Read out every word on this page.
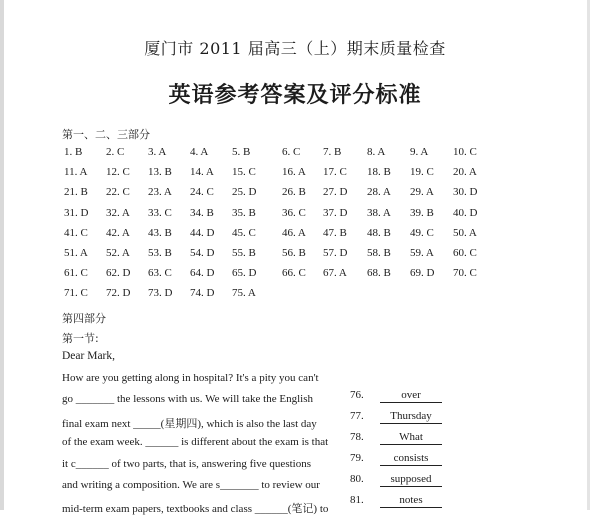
厦门市 2011 届高三（上）期末质量检查
英语参考答案及评分标准
第一、二、三部分
1. B 2. C 3. A 4. A 5. B	6. C 7. B 8. A 9. A 10. C
11. A 12. C 13. B 14. A 15. C 16. A 17. C 18. B 19. C 20. A
21. B 22. C 23. A 24. C 25. D 26. B 27. D 28. A 29. A 30. D
31. D 32. A 33. C 34. B 35. B 36. C 37. D 38. A 39. B 40. D
41. C 42. A 43. B 44. D 45. C 46. A 47. B 48. B 49. C 50. A
51. A 52. A 53. B 54. D 55. B 56. B 57. D 58. B 59. A 60. C
61. C 62. D 63. C 64. D 65. D 66. C 67. A 68. B 69. D 70. C
71. C 72. D 73. D 74. D 75. A
第四部分
第一节:
Dear Mark,
How are you getting along in hospital? It's a pity you can't
go _______ the lessons with us. We will take the English
final exam next _____(星期四), which is also the last day
of the exam week. ______ is different about the exam is that
it c______ of two parts, that is, answering five questions
and writing a composition. We are s_______ to review our
mid-term exam papers, textbooks and class ______(笔记) to
76.	over
77.	Thursday
78.	What
79.	consists
80.	supposed
81.	notes
